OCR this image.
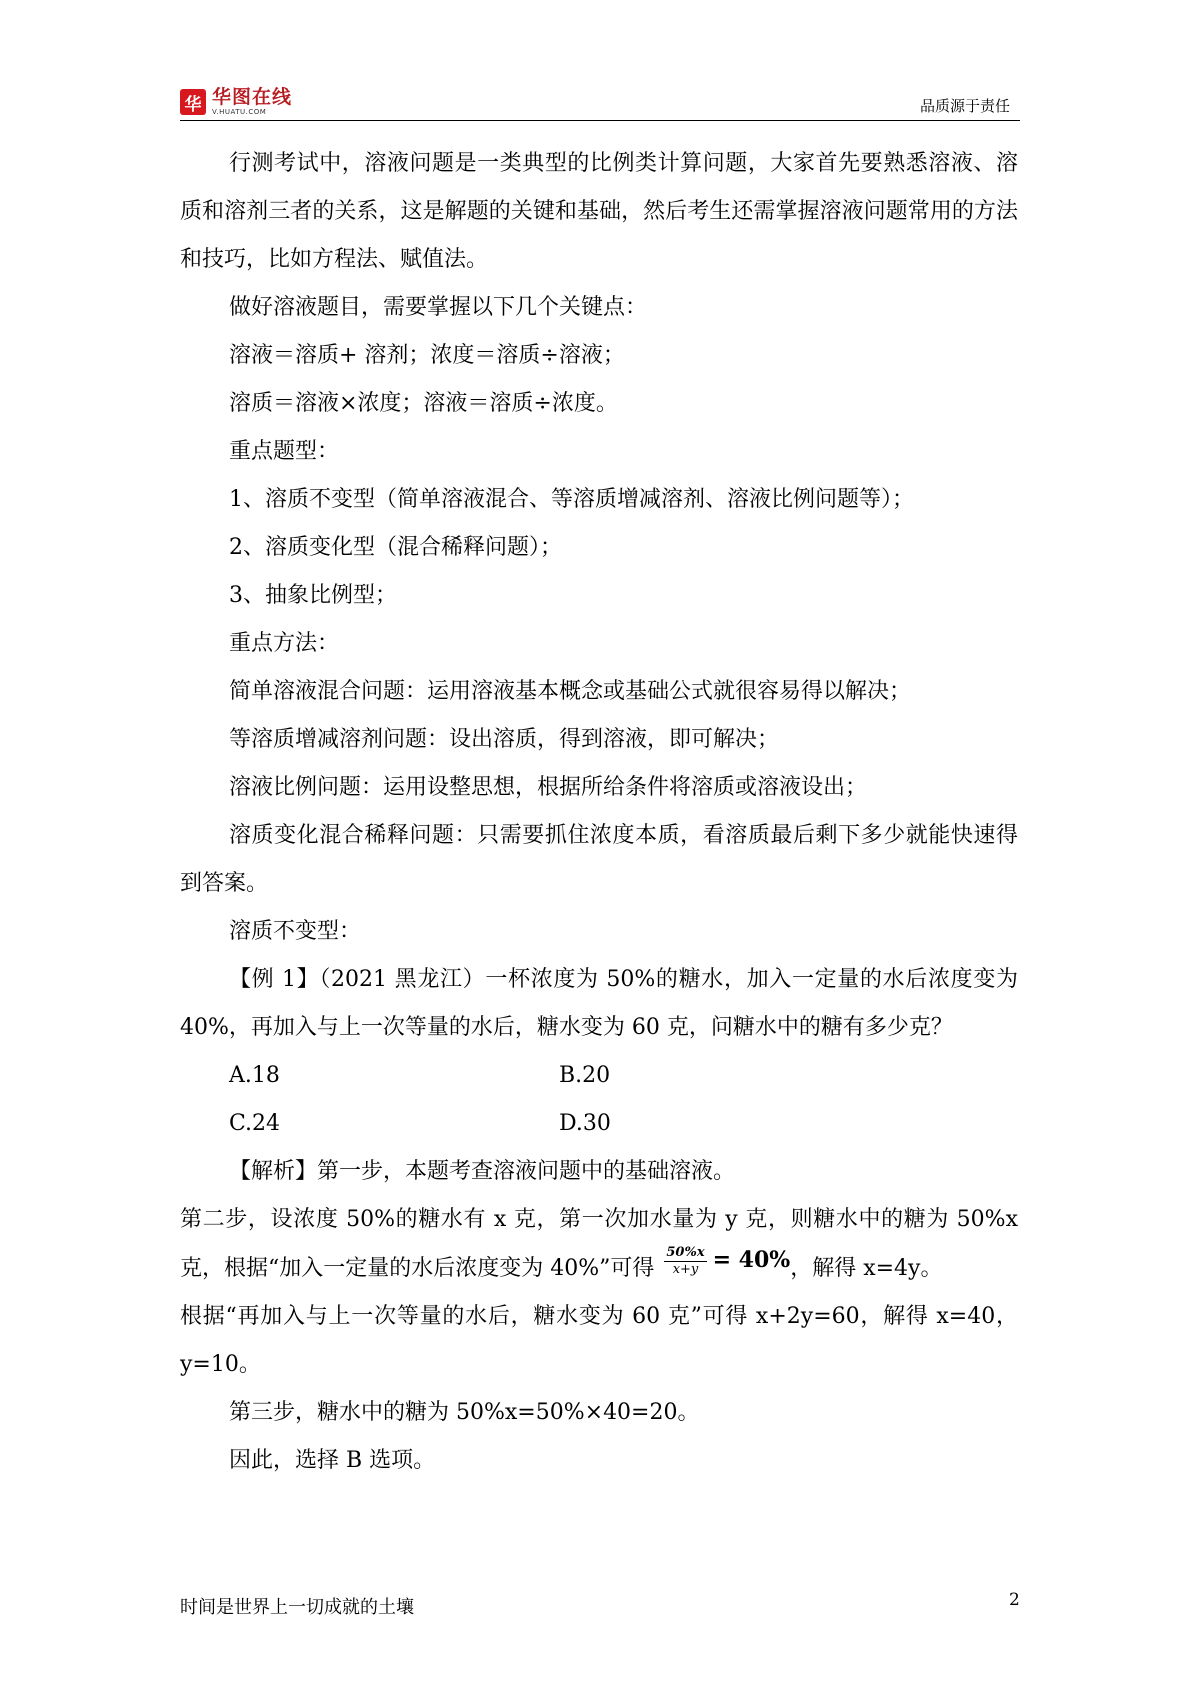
华 华图在线
V.HUATU.COM	品质源于责任

行测考试中，溶液问题是一类典型的比例类计算问题，大家首先要熟悉溶液、溶质和溶剂三者的关系，这是解题的关键和基础，然后考生还需掌握溶液问题常用的方法和技巧，比如方程法、赋值法。

做好溶液题目，需要掌握以下几个关键点：

溶液＝溶质+ 溶剂；浓度＝溶质÷溶液；

溶质＝溶液×浓度；溶液＝溶质÷浓度。

重点题型：

1、溶质不变型（简单溶液混合、等溶质增减溶剂、溶液比例问题等）；

2、溶质变化型（混合稀释问题）；

3、抽象比例型；

重点方法：

简单溶液混合问题：运用溶液基本概念或基础公式就很容易得以解决；

等溶质增减溶剂问题：设出溶质，得到溶液，即可解决；

溶液比例问题：运用设整思想，根据所给条件将溶质或溶液设出；

溶质变化混合稀释问题：只需要抓住浓度本质，看溶质最后剩下多少就能快速得到答案。

溶质不变型：

【例 1】（2021 黑龙江）一杯浓度为 50%的糖水，加入一定量的水后浓度变为 40%，再加入与上一次等量的水后，糖水变为 60 克，问糖水中的糖有多少克？

A.18	B.20
C.24	D.30

【解析】第一步，本题考查溶液问题中的基础溶液。

第二步，设浓度 50%的糖水有 x 克，第一次加水量为 y 克，则糖水中的糖为 50%x 克，根据“加入一定量的水后浓度变为 40%”可得 $\frac{50\%x}{x+y} = 40\%$，解得 x=4y。

根据“再加入与上一次等量的水后，糖水变为 60 克”可得 x+2y=60，解得 x=40，y=10。

第三步，糖水中的糖为 50%x=50%×40=20。

因此，选择 B 选项。

时间是世界上一切成就的土壤	2
